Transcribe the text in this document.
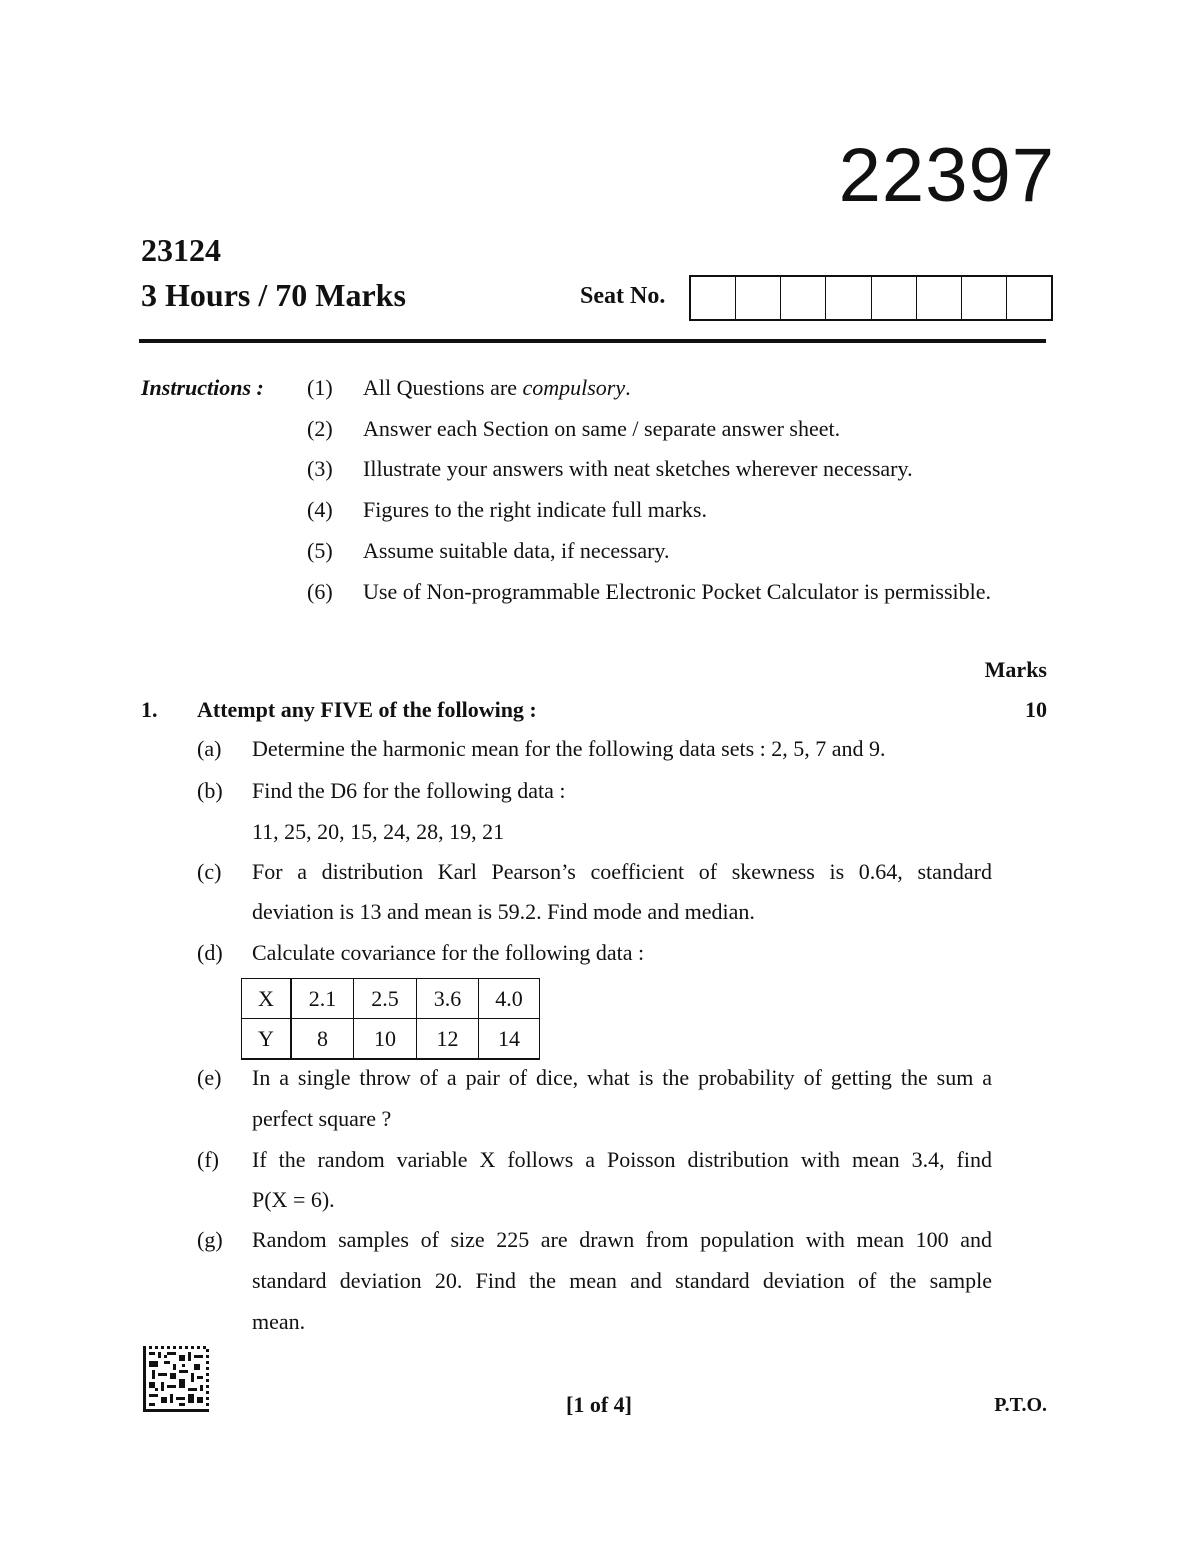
22397
23124
3 Hours / 70 Marks	Seat No.
Instructions : (1) All Questions are compulsory.
(2) Answer each Section on same / separate answer sheet.
(3) Illustrate your answers with neat sketches wherever necessary.
(4) Figures to the right indicate full marks.
(5) Assume suitable data, if necessary.
(6) Use of Non-programmable Electronic Pocket Calculator is permissible.
Marks
1. Attempt any FIVE of the following :	10
(a) Determine the harmonic mean for the following data sets : 2, 5, 7 and 9.
(b) Find the D6 for the following data :
11, 25, 20, 15, 24, 28, 19, 21
(c) For a distribution Karl Pearson’s coefficient of skewness is 0.64, standard
deviation is 13 and mean is 59.2. Find mode and median.
(d) Calculate covariance for the following data :
X	2.1	2.5	3.6	4.0
Y	8	10	12	14
(e) In a single throw of a pair of dice, what is the probability of getting the sum a
perfect square ?
(f) If the random variable X follows a Poisson distribution with mean 3.4, find
P(X = 6).
(g) Random samples of size 225 are drawn from population with mean 100 and
standard deviation 20. Find the mean and standard deviation of the sample
mean.
[1 of 4]	P.T.O.
